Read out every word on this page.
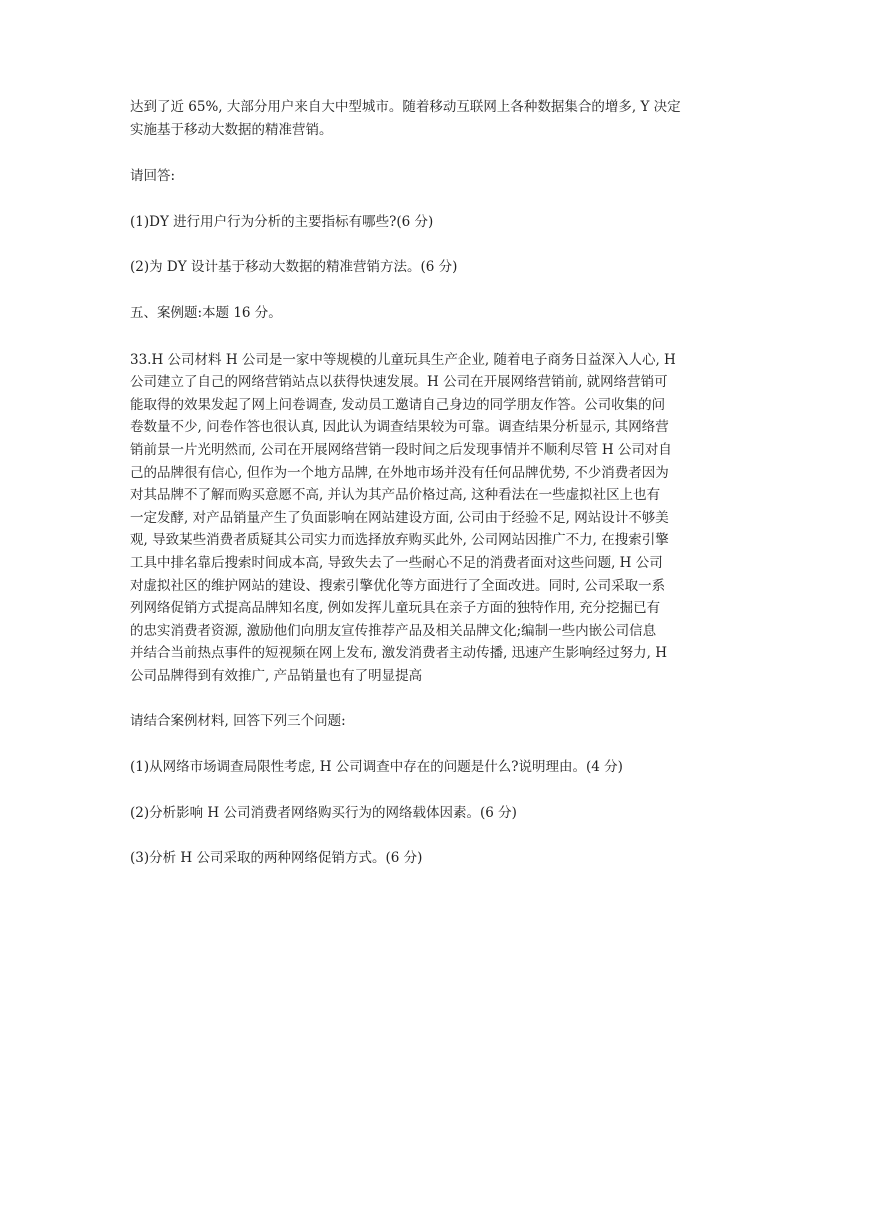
达到了近 65%, 大部分用户来自大中型城市。随着移动互联网上各种数据集合的增多, Y 决定
实施基于移动大数据的精准营销。

请回答:

(1)DY 进行用户行为分析的主要指标有哪些?(6 分)

(2)为 DY 设计基于移动大数据的精准营销方法。(6 分)

五、案例题:本题 16 分。

33.H 公司材料 H 公司是一家中等规模的儿童玩具生产企业, 随着电子商务日益深入人心, H
公司建立了自己的网络营销站点以获得快速发展。H 公司在开展网络营销前, 就网络营销可
能取得的效果发起了网上问卷调查, 发动员工邀请自己身边的同学朋友作答。公司收集的问
卷数量不少, 问卷作答也很认真, 因此认为调查结果较为可靠。调查结果分析显示, 其网络营
销前景一片光明然而, 公司在开展网络营销一段时间之后发现事情并不顺利尽管 H 公司对自
己的品牌很有信心, 但作为一个地方品牌, 在外地市场并没有任何品牌优势, 不少消费者因为
对其品牌不了解而购买意愿不高, 并认为其产品价格过高, 这种看法在一些虚拟社区上也有
一定发酵, 对产品销量产生了负面影响在网站建设方面, 公司由于经验不足, 网站设计不够美
观, 导致某些消费者质疑其公司实力而选择放弃购买此外, 公司网站因推广不力, 在搜索引擎
工具中排名靠后搜索时间成本高, 导致失去了一些耐心不足的消费者面对这些问题, H 公司
对虚拟社区的维护网站的建设、搜索引擎优化等方面进行了全面改进。同时, 公司采取一系
列网络促销方式提高品牌知名度, 例如发挥儿童玩具在亲子方面的独特作用, 充分挖掘已有
的忠实消费者资源, 激励他们向朋友宣传推荐产品及相关品牌文化;编制一些内嵌公司信息
并结合当前热点事件的短视频在网上发布, 激发消费者主动传播, 迅速产生影响经过努力, H
公司品牌得到有效推广, 产品销量也有了明显提高

请结合案例材料, 回答下列三个问题:

(1)从网络市场调查局限性考虑, H 公司调查中存在的问题是什么?说明理由。(4 分)

(2)分析影响 H 公司消费者网络购买行为的网络载体因素。(6 分)

(3)分析 H 公司采取的两种网络促销方式。(6 分)
